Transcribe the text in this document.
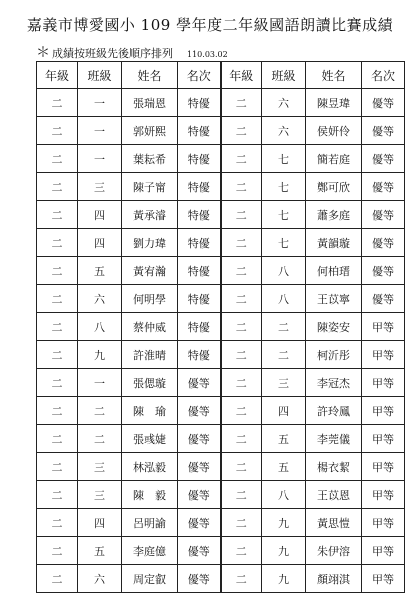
嘉義市博愛國小 109 學年度二年級國語朗讀比賽成績
＊ 成績按班級先後順序排列 110.03.02
年級	班級	姓名	名次	年級	班級	姓名	名次
二	一	張瑞恩	特優	二	六	陳昱瑋	優等
二	一	郭妍熙	特優	二	六	侯妍伶	優等
二	一	葉耘希	特優	二	七	簡若庭	優等
二	三	陳子甯	特優	二	七	鄭可欣	優等
二	四	黃承濬	特優	二	七	蕭多庭	優等
二	四	劉力瑋	特優	二	七	黃韻璇	優等
二	五	黃宥瀚	特優	二	八	何柏瑨	優等
二	六	何明學	特優	二	八	王苡寧	優等
二	八	蔡仲威	特優	二	二	陳姿安	甲等
二	九	許淮晴	特優	二	二	柯沂彤	甲等
二	一	張偲璇	優等	二	三	李冠杰	甲等
二	二	陳　瑜	優等	二	四	許玲鳳	甲等
二	二	張彧婕	優等	二	五	李莞儀	甲等
二	三	林泓毅	優等	二	五	楊衣絜	甲等
二	三	陳　毅	優等	二	八	王苡恩	甲等
二	四	呂明諭	優等	二	九	黃思愷	甲等
二	五	李庭億	優等	二	九	朱伊溶	甲等
二	六	周定叡	優等	二	九	顏翊淇	甲等
